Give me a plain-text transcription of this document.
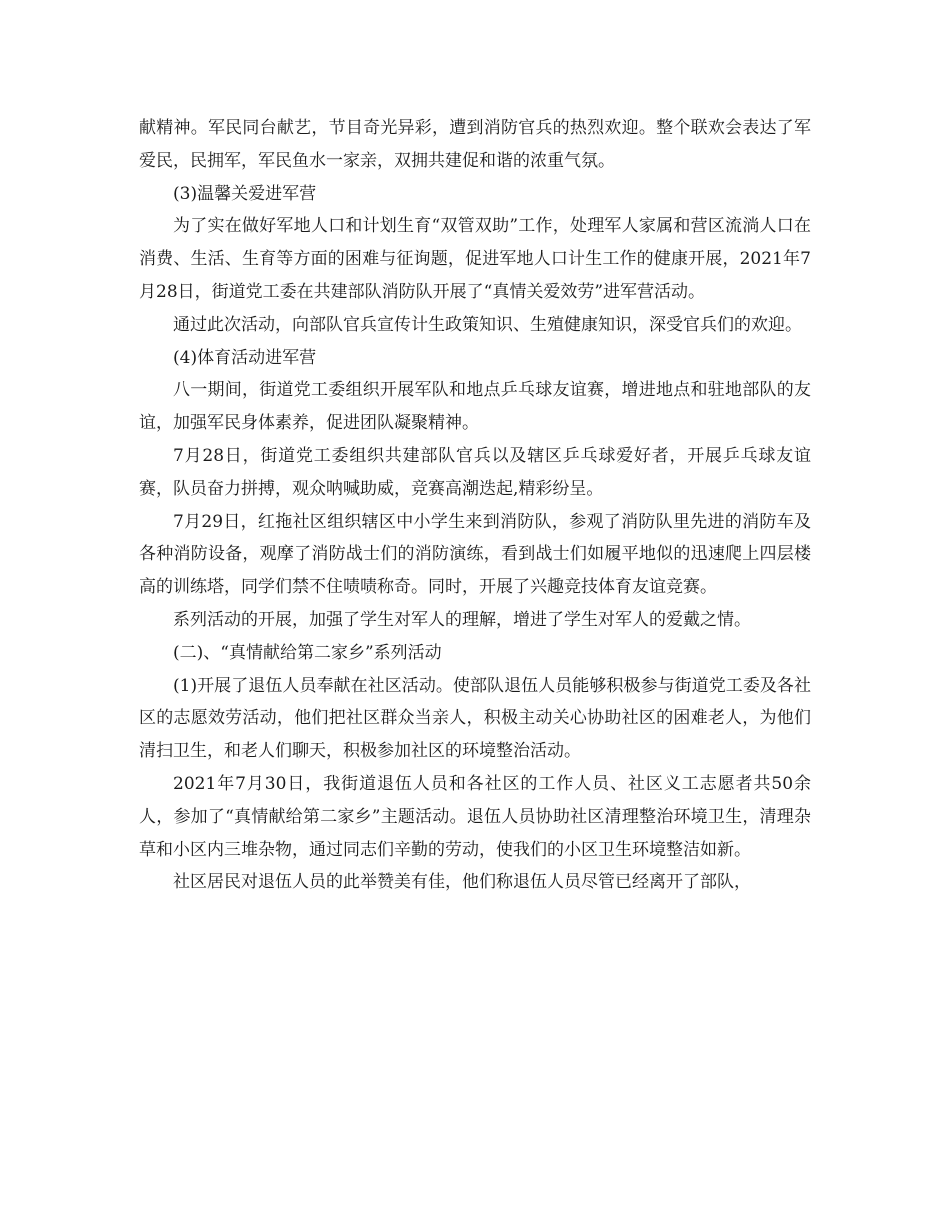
献精神。军民同台献艺，节目奇光异彩，遭到消防官兵的热烈欢迎。整个联欢会表达了军爱民，民拥军，军民鱼水一家亲，双拥共建促和谐的浓重气氛。

(3)温馨关爱进军营

为了实在做好军地人口和计划生育“双管双助”工作，处理军人家属和营区流淌人口在消费、生活、生育等方面的困难与征询题，促进军地人口计生工作的健康开展，2021年7月28日，街道党工委在共建部队消防队开展了“真情关爱效劳”进军营活动。

通过此次活动，向部队官兵宣传计生政策知识、生殖健康知识，深受官兵们的欢迎。

(4)体育活动进军营

八一期间，街道党工委组织开展军队和地点乒乓球友谊赛，增进地点和驻地部队的友谊，加强军民身体素养，促进团队凝聚精神。

7月28日，街道党工委组织共建部队官兵以及辖区乒乓球爱好者，开展乒乓球友谊赛，队员奋力拼搏，观众呐喊助威，竞赛高潮迭起,精彩纷呈。

7月29日，红拖社区组织辖区中小学生来到消防队，参观了消防队里先进的消防车及各种消防设备，观摩了消防战士们的消防演练，看到战士们如履平地似的迅速爬上四层楼高的训练塔，同学们禁不住啧啧称奇。同时，开展了兴趣竞技体育友谊竞赛。

系列活动的开展，加强了学生对军人的理解，增进了学生对军人的爱戴之情。

(二)、“真情献给第二家乡”系列活动

(1)开展了退伍人员奉献在社区活动。使部队退伍人员能够积极参与街道党工委及各社区的志愿效劳活动，他们把社区群众当亲人，积极主动关心协助社区的困难老人，为他们清扫卫生，和老人们聊天，积极参加社区的环境整治活动。

2021年7月30日，我街道退伍人员和各社区的工作人员、社区义工志愿者共50余人，参加了“真情献给第二家乡”主题活动。退伍人员协助社区清理整治环境卫生，清理杂草和小区内三堆杂物，通过同志们辛勤的劳动，使我们的小区卫生环境整洁如新。

社区居民对退伍人员的此举赞美有佳，他们称退伍人员尽管已经离开了部队，
